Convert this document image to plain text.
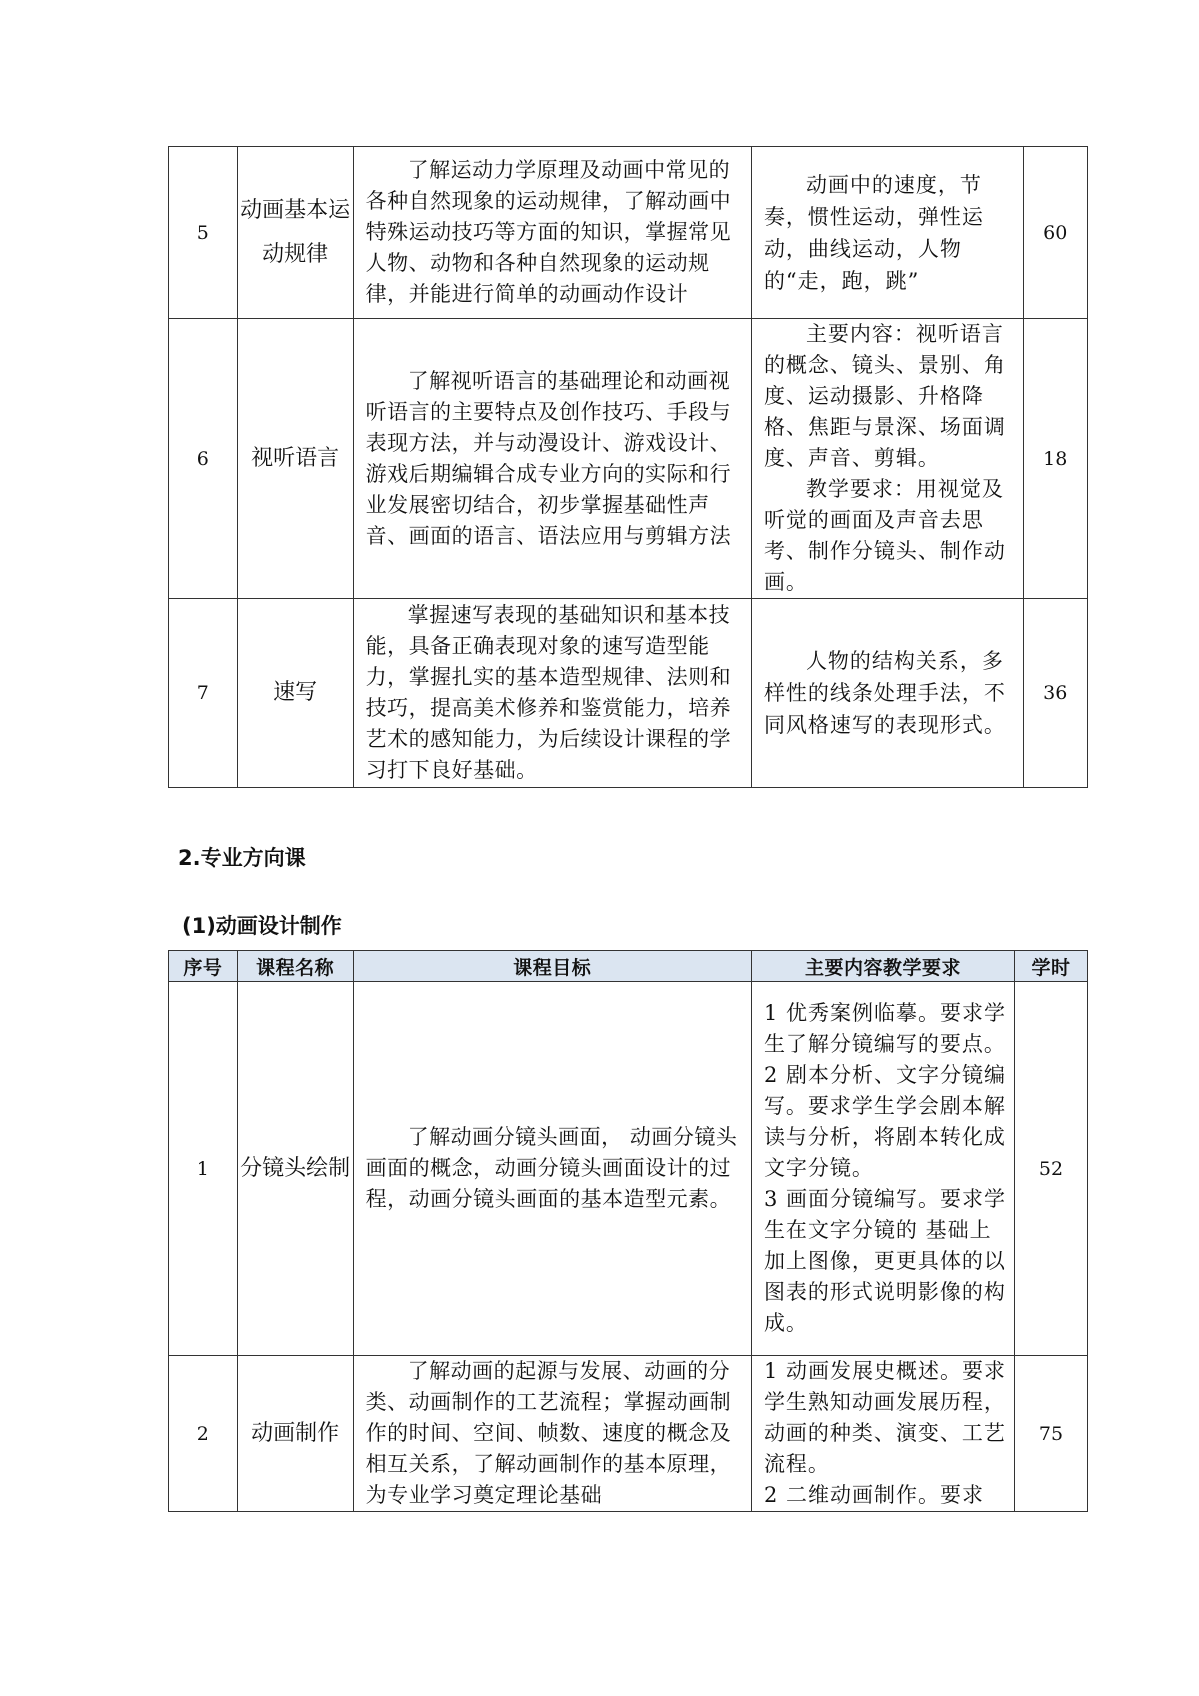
5	动画基本运动规律	了解运动力学原理及动画中常见的各种自然现象的运动规律，了解动画中特殊运动技巧等方面的知识，掌握常见人物、动物和各种自然现象的运动规律，并能进行简单的动画动作设计	动画中的速度，节奏，惯性运动，弹性运动，曲线运动，人物的“走，跑，跳”	60
6	视听语言	了解视听语言的基础理论和动画视听语言的主要特点及创作技巧、手段与表现方法，并与动漫设计、游戏设计、游戏后期编辑合成专业方向的实际和行业发展密切结合，初步掌握基础性声音、画面的语言、语法应用与剪辑方法	主要内容：视听语言的概念、镜头、景别、角度、运动摄影、升格降格、焦距与景深、场面调度、声音、剪辑。
教学要求：用视觉及听觉的画面及声音去思考、制作分镜头、制作动画。	18
7	速写	掌握速写表现的基础知识和基本技能，具备正确表现对象的速写造型能力，掌握扎实的基本造型规律、法则和技巧，提高美术修养和鉴赏能力，培养艺术的感知能力，为后续设计课程的学习打下良好基础。	人物的结构关系，多样性的线条处理手法，不同风格速写的表现形式。	36
2.专业方向课
(1)动画设计制作
序号	课程名称	课程目标	主要内容教学要求	学时
1	分镜头绘制	了解动画分镜头画面， 动画分镜头画面的概念，动画分镜头画面设计的过程，动画分镜头画面的基本造型元素。	1 优秀案例临摹。要求学生了解分镜编写的要点。
2 剧本分析、文字分镜编写。要求学生学会剧本解读与分析，将剧本转化成文字分镜。
3 画面分镜编写。要求学生在文字分镜的 基础上加上图像，更更具体的以图表的形式说明影像的构成。	52
2	动画制作	了解动画的起源与发展、动画的分类、动画制作的工艺流程；掌握动画制作的时间、空间、帧数、速度的概念及相互关系，了解动画制作的基本原理，为专业学习奠定理论基础	1 动画发展史概述。要求学生熟知动画发展历程，动画的种类、演变、工艺流程。
2 二维动画制作。要求	75
